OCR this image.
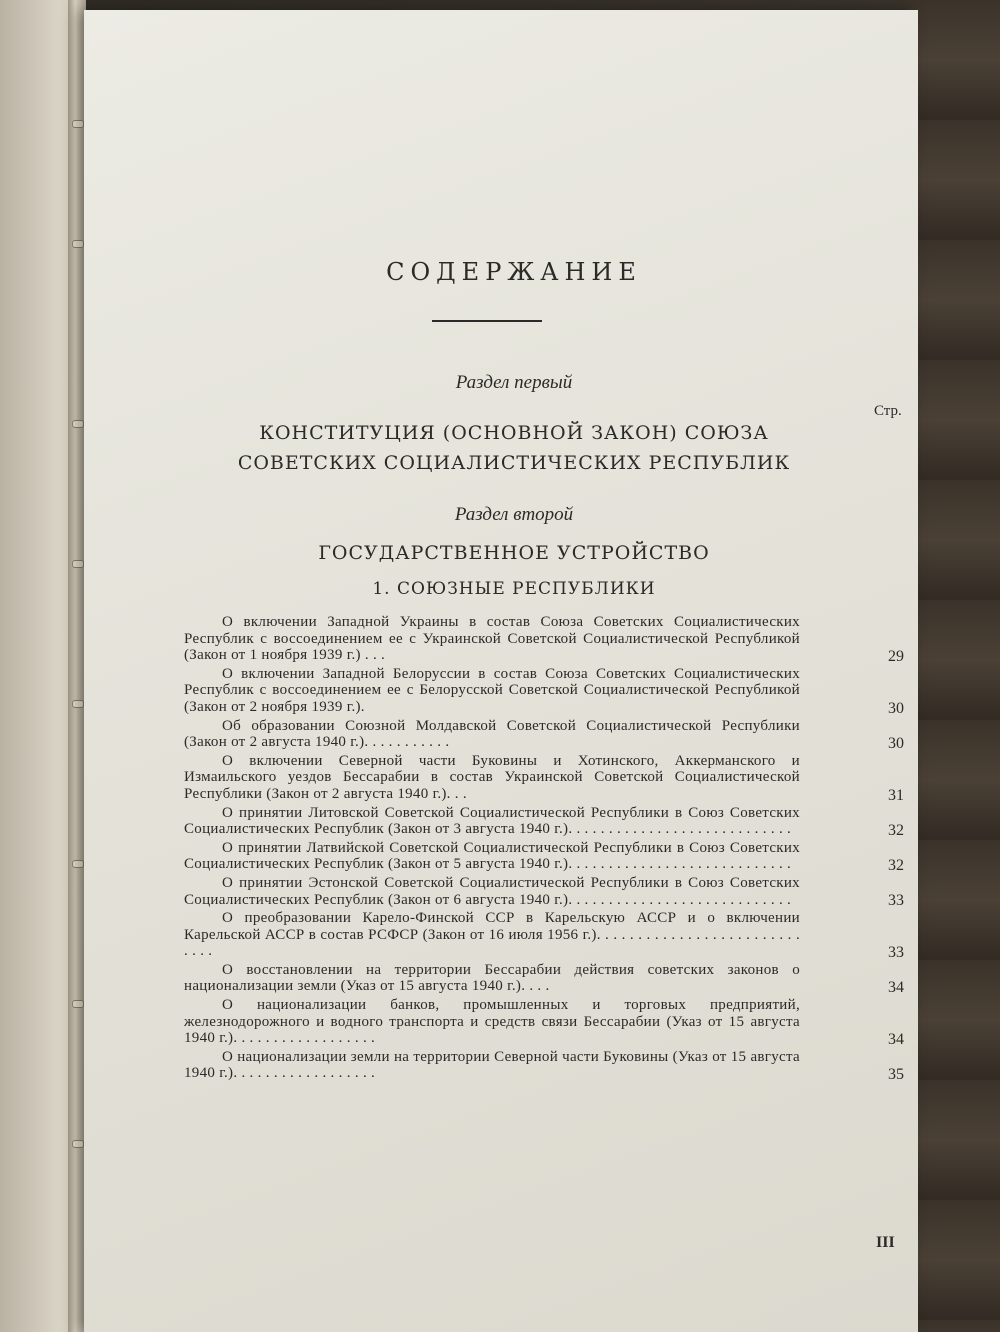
СОДЕРЖАНИЕ
Раздел первый
Стр.
КОНСТИТУЦИЯ (ОСНОВНОЙ ЗАКОН) СОЮЗА
СОВЕТСКИХ СОЦИАЛИСТИЧЕСКИХ РЕСПУБЛИК
Раздел второй
ГОСУДАРСТВЕННОЕ УСТРОЙСТВО
1. СОЮЗНЫЕ РЕСПУБЛИКИ
О включении Западной Украины в состав Союза Советских Социалистических Республик с воссоединением ее с Украинской Советской Социалистической Республикой (Закон от 1 ноября 1939 г.) . . .	29
О включении Западной Белоруссии в состав Союза Советских Социалистических Республик с воссоединением ее с Белорусской Советской Социалистической Республикой (Закон от 2 ноября 1939 г.).	30
Об образовании Союзной Молдавской Советской Социалистической Республики (Закон от 2 августа 1940 г.). . . . . . . . . . .	30
О включении Северной части Буковины и Хотинского, Аккерманского и Измаильского уездов Бессарабии в состав Украинской Советской Социалистической Республики (Закон от 2 августа 1940 г.). . .	31
О принятии Литовской Советской Социалистической Республики в Союз Советских Социалистических Республик (Закон от 3 августа 1940 г.). . . . . . . . . . . . . . . . . . . . . . . . . . . .	32
О принятии Латвийской Советской Социалистической Республики в Союз Советских Социалистических Республик (Закон от 5 августа 1940 г.). . . . . . . . . . . . . . . . . . . . . . . . . . . .	32
О принятии Эстонской Советской Социалистической Республики в Союз Советских Социалистических Республик (Закон от 6 августа 1940 г.). . . . . . . . . . . . . . . . . . . . . . . . . . . .	33
О преобразовании Карело-Финской ССР в Карельскую АССР и о включении Карельской АССР в состав РСФСР (Закон от 16 июля 1956 г.). . . . . . . . . . . . . . . . . . . . . . . . . . . . .	33
О восстановлении на территории Бессарабии действия советских законов о национализации земли (Указ от 15 августа 1940 г.). . . .	34
О национализации банков, промышленных и торговых предприятий, железнодорожного и водного транспорта и средств связи Бессарабии (Указ от 15 августа 1940 г.). . . . . . . . . . . . . . . . . .	34
О национализации земли на территории Северной части Буковины (Указ от 15 августа 1940 г.). . . . . . . . . . . . . . . . . .	35
III
